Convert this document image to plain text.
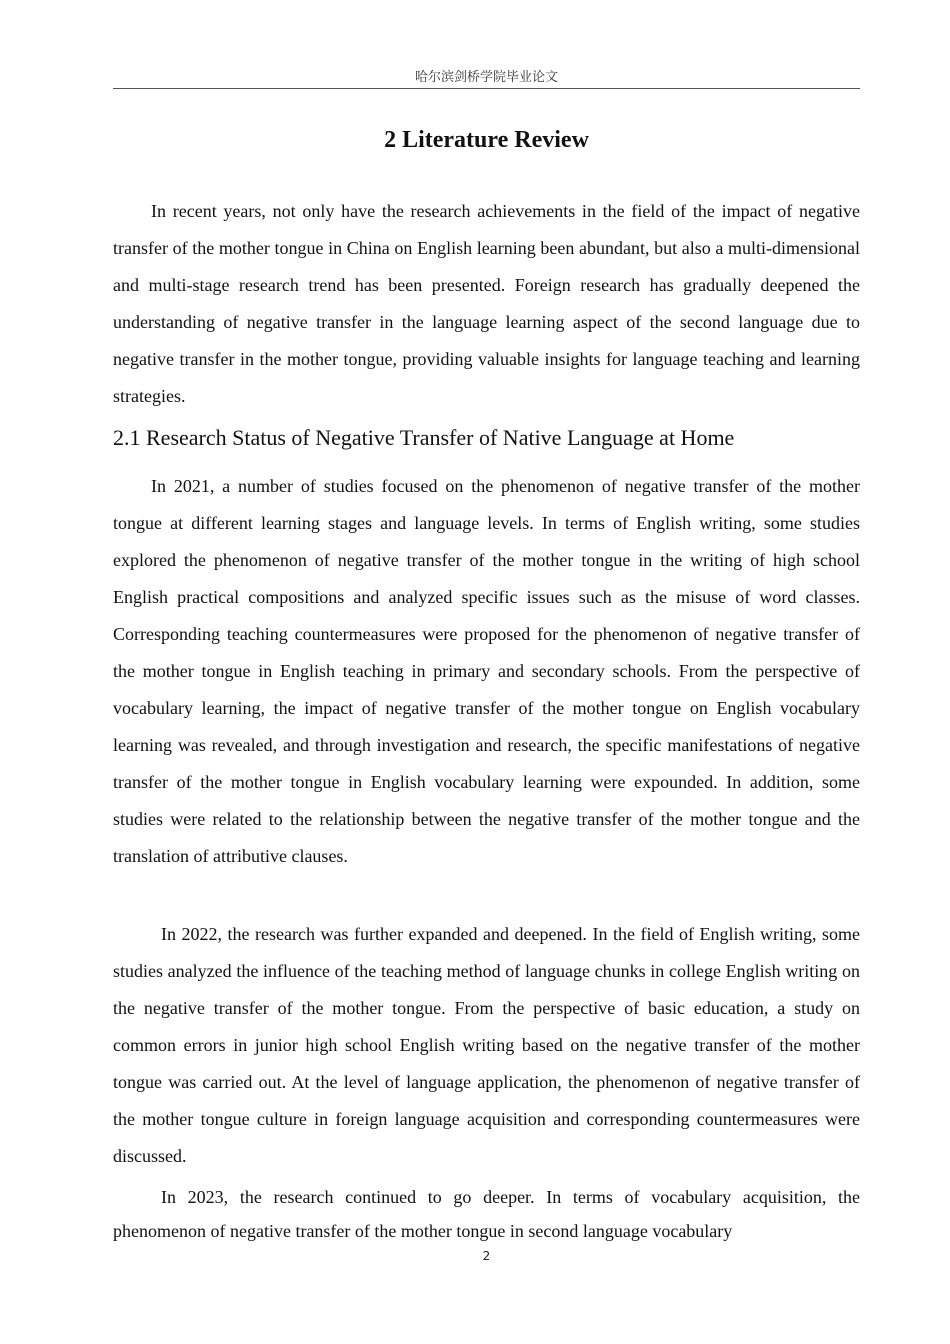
哈尔滨剑桥学院毕业论文
2 Literature Review

In recent years, not only have the research achievements in the field of the impact of negative transfer of the mother tongue in China on English learning been abundant, but also a multi-dimensional and multi-stage research trend has been presented. Foreign research has gradually deepened the understanding of negative transfer in the language learning aspect of the second language due to negative transfer in the mother tongue, providing valuable insights for language teaching and learning strategies.

2.1 Research Status of Negative Transfer of Native Language at Home

In 2021, a number of studies focused on the phenomenon of negative transfer of the mother tongue at different learning stages and language levels. In terms of English writing, some studies explored the phenomenon of negative transfer of the mother tongue in the writing of high school English practical compositions and analyzed specific issues such as the misuse of word classes. Corresponding teaching countermeasures were proposed for the phenomenon of negative transfer of the mother tongue in English teaching in primary and secondary schools. From the perspective of vocabulary learning, the impact of negative transfer of the mother tongue on English vocabulary learning was revealed, and through investigation and research, the specific manifestations of negative transfer of the mother tongue in English vocabulary learning were expounded. In addition, some studies were related to the relationship between the negative transfer of the mother tongue and the translation of attributive clauses.

In 2022, the research was further expanded and deepened. In the field of English writing, some studies analyzed the influence of the teaching method of language chunks in college English writing on the negative transfer of the mother tongue. From the perspective of basic education, a study on common errors in junior high school English writing based on the negative transfer of the mother tongue was carried out. At the level of language application, the phenomenon of negative transfer of the mother tongue culture in foreign language acquisition and corresponding countermeasures were discussed.

In 2023, the research continued to go deeper. In terms of vocabulary acquisition, the phenomenon of negative transfer of the mother tongue in second language vocabulary

2
